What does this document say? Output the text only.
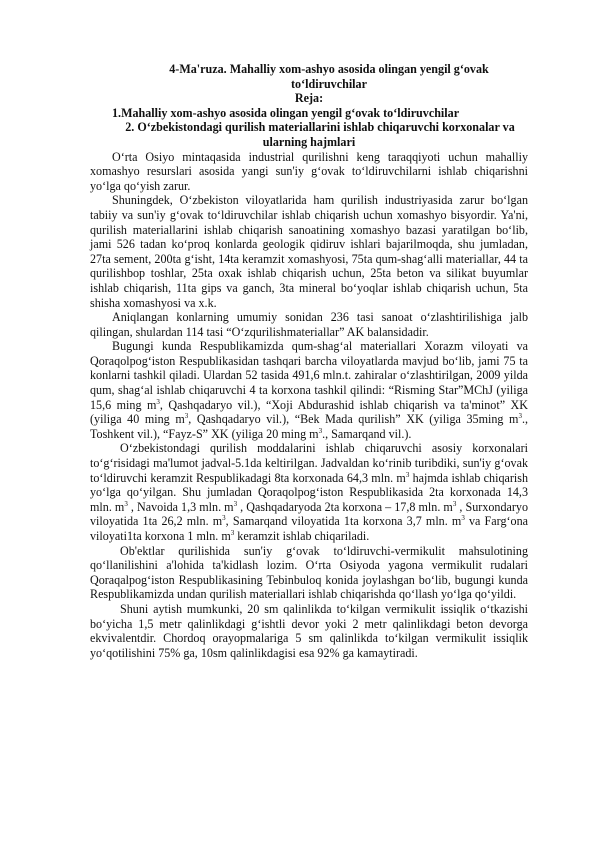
4-Ma'ruza. Mahalliy xom-ashyo asosida olingan yengil g‘ovak to‘ldiruvchilar

Reja:

1.Mahalliy xom-ashyo asosida olingan yengil g‘ovak to‘ldiruvchilar

2. O‘zbekistondagi qurilish materiallarini ishlab chiqaruvchi korxonalar va ularning hajmlari

O‘rta Osiyo mintaqasida industrial qurilishni keng taraqqiyoti uchun mahalliy xomashyo resurslari asosida yangi sun'iy g‘ovak to‘ldiruvchilarni ishlab chiqarishni yo‘lga qo‘yish zarur.

Shuningdek, O‘zbekiston viloyatlarida ham qurilish industriyasida zarur bo‘lgan tabiiy va sun'iy g‘ovak to‘ldiruvchilar ishlab chiqarish uchun xomashyo bisyordir. Ya'ni, qurilish materiallarini ishlab chiqarish sanoatining xomashyo bazasi yaratilgan bo‘lib, jami 526 tadan ko‘proq konlarda geologik qidiruv ishlari bajarilmoqda, shu jumladan, 27ta sement, 200ta g‘isht, 14ta keramzit xomashyosi, 75ta qum-shag‘alli materiallar, 44 ta qurilishbop toshlar, 25ta oxak ishlab chiqarish uchun, 25ta beton va silikat buyumlar ishlab chiqarish, 11ta gips va ganch, 3ta mineral bo‘yoqlar ishlab chiqarish uchun, 5ta shisha xomashyosi va x.k.

Aniqlangan konlarning umumiy sonidan 236 tasi sanoat o‘zlashtirilishiga jalb qilingan, shulardan 114 tasi “O‘zqurilishmateriallar” AK balansidadir.

Bugungi kunda Respublikamizda qum-shag‘al materiallari Xorazm viloyati va Qoraqolpog‘iston Respublikasidan tashqari barcha viloyatlarda mavjud bo‘lib, jami 75 ta konlarni tashkil qiladi. Ulardan 52 tasida 491,6 mln.t. zahiralar o‘zlashtirilgan, 2009 yilda qum, shag‘al ishlab chiqaruvchi 4 ta korxona tashkil qilindi: “Risming Star”MChJ (yiliga 15,6 ming $m^3$, Qashqadaryo vil.), “Xoji Abdurashid ishlab chiqarish va ta'minot” XK (yiliga 40 ming $m^3$, Qashqadaryo vil.), “Bek Mada qurilish” XK (yiliga 35ming $m^3$., Toshkent vil.), “Fayz-S” XK (yiliga 20 ming $m^3$., Samarqand vil.).

O‘zbekistondagi qurilish moddalarini ishlab chiqaruvchi asosiy korxonalari to‘g‘risidagi ma'lumot jadval-5.1da keltirilgan. Jadvaldan ko‘rinib turibdiki, sun'iy g‘ovak to‘ldiruvchi keramzit Respublikadagi 8ta korxonada 64,3 mln. $m^3$ hajmda ishlab chiqarish yo‘lga qo‘yilgan. Shu jumladan Qoraqolpog‘iston Respublikasida 2ta korxonada 14,3 mln. $m^3$ , Navoida 1,3 mln. $m^3$ , Qashqadaryoda 2ta korxona – 17,8 mln. $m^3$ , Surxondaryo viloyatida 1ta 26,2 mln. $m^3$, Samarqand viloyatida 1ta korxona 3,7 mln. $m^3$ va Farg‘ona viloyati1ta korxona 1 mln. $m^3$ keramzit ishlab chiqariladi.

Ob'ektlar qurilishida sun'iy g‘ovak to‘ldiruvchi-vermikulit mahsulotining qo‘llanilishini a'lohida ta'kidlash lozim. O‘rta Osiyoda yagona vermikulit rudalari Qoraqalpog‘iston Respublikasining Tebinbuloq konida joylashgan bo‘lib, bugungi kunda Respublikamizda undan qurilish materiallari ishlab chiqarishda qo‘llash yo‘lga qo‘yildi.

Shuni aytish mumkunki, 20 sm qalinlikda to‘kilgan vermikulit issiqlik o‘tkazishi bo‘yicha 1,5 metr qalinlikdagi g‘ishtli devor yoki 2 metr qalinlikdagi beton devorga ekvivalentdir. Chordoq orayopmalariga 5 sm qalinlikda to‘kilgan vermikulit issiqlik yo‘qotilishini 75% ga, 10sm qalinlikdagisi esa 92% ga kamaytiradi.
